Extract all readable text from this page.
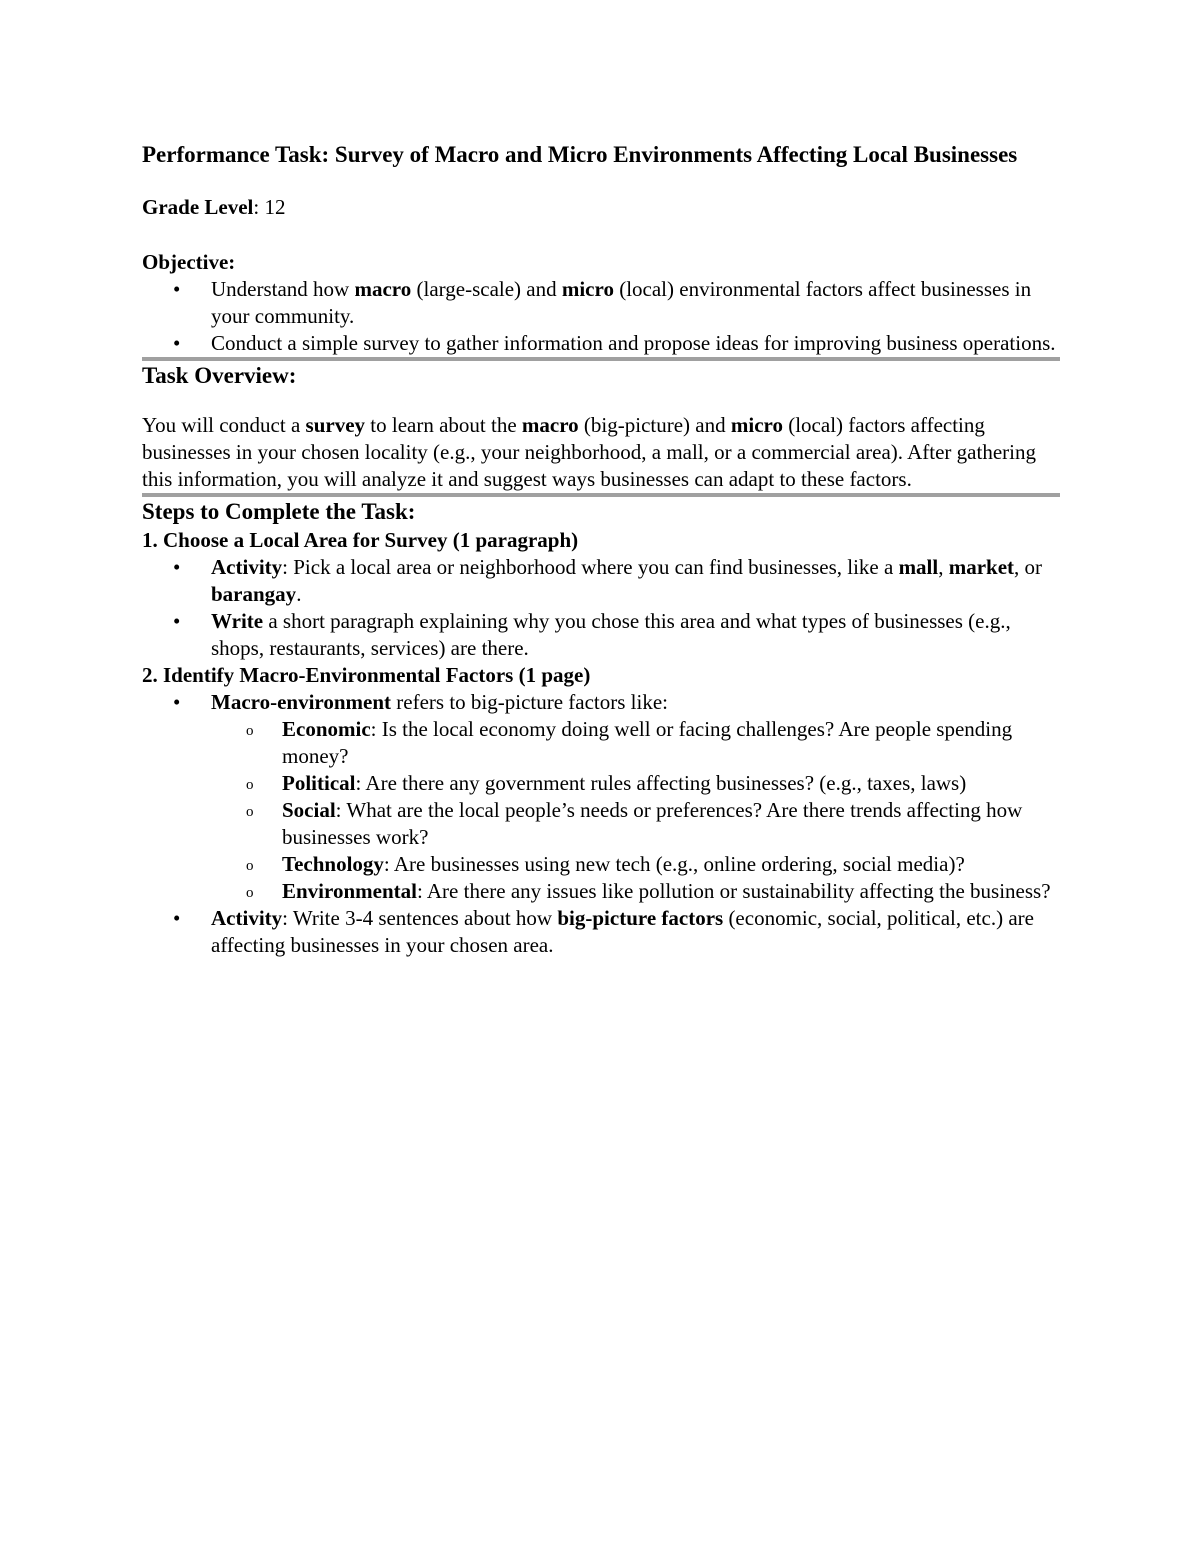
Performance Task: Survey of Macro and Micro Environments Affecting Local Businesses

Grade Level: 12

Objective:

• Understand how macro (large-scale) and micro (local) environmental factors affect businesses in your community.
• Conduct a simple survey to gather information and propose ideas for improving business operations.
Task Overview:

You will conduct a survey to learn about the macro (big-picture) and micro (local) factors affecting businesses in your chosen locality (e.g., your neighborhood, a mall, or a commercial area). After gathering this information, you will analyze it and suggest ways businesses can adapt to these factors.

Steps to Complete the Task:
1. Choose a Local Area for Survey (1 paragraph)
• Activity: Pick a local area or neighborhood where you can find businesses, like a mall, market, or barangay.
• Write a short paragraph explaining why you chose this area and what types of businesses (e.g., shops, restaurants, services) are there.
2. Identify Macro-Environmental Factors (1 page)
• Macro-environment refers to big-picture factors like:
o Economic: Is the local economy doing well or facing challenges? Are people spending money?
o Political: Are there any government rules affecting businesses? (e.g., taxes, laws)
o Social: What are the local people’s needs or preferences? Are there trends affecting how businesses work?
o Technology: Are businesses using new tech (e.g., online ordering, social media)?
o Environmental: Are there any issues like pollution or sustainability affecting the business?
• Activity: Write 3-4 sentences about how big-picture factors (economic, social, political, etc.) are affecting businesses in your chosen area.
